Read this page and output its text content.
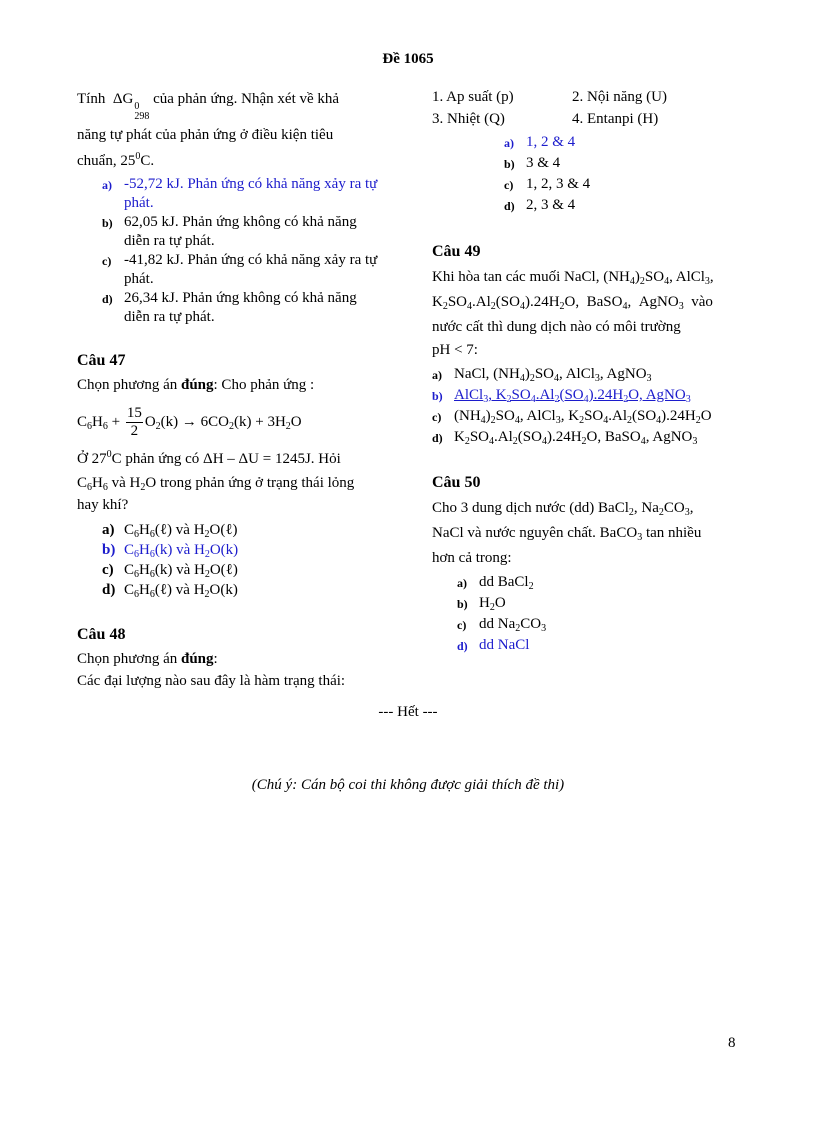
Đề 1065

Tính ΔG 0
298
của phản ứng. Nhận xét về khả

năng tự phát của phản ứng ở điều kiện tiêu

chuẩn, $25^0C$.

a) -52,72 kJ. Phản ứng có khả năng xảy ra tự phát.
b) 62,05 kJ. Phản ứng không có khả năng diễn ra tự phát.
c) -41,82 kJ. Phản ứng có khả năng xảy ra tự phát.
d) 26,34 kJ. Phản ứng không có khả năng diễn ra tự phát.

Câu 47

Chọn phương án đúng: Cho phản ứng :

$C_6H_6 + \frac{15}{2} O_2(k) \to 6CO_2(k) + 3H_2O$

Ở $27^0C$ phản ứng có ΔH – ΔU = 1245J. Hỏi

$C_6H_6$ và $H_2O$ trong phản ứng ở trạng thái lỏng

hay khí?

a) $C_6H_6(\ell)$ và $H_2O(\ell)$
b) $C_6H_6(k)$ và $H_2O(k)$
c) $C_6H_6(k)$ và $H_2O(\ell)$
d) $C_6H_6(\ell)$ và $H_2O(k)$

Câu 48

Chọn phương án đúng:

Các đại lượng nào sau đây là hàm trạng thái:

1. Ap suất (p)	2. Nội năng (U)
3. Nhiệt (Q)	4. Entanpi (H)
a) 1, 2 & 4
b) 3 & 4
c) 1, 2, 3 & 4
d) 2, 3 & 4

Câu 49

Khi hòa tan các muối NaCl, $(NH_4)_2SO_4$, AlCl$_3$,

$K_2SO_4.Al_2(SO_4).24H_2O$,  BaSO$_4$,  AgNO$_3$  vào

nước cất thì dung dịch nào có môi trường

pH < 7:

a) NaCl, $(NH_4)_2SO_4$, AlCl$_3$, AgNO$_3$
b) AlCl$_3$, $K_2SO_4.Al_2(SO_4).24H_2O$, AgNO$_3$
c) $(NH_4)_2SO_4$, AlCl$_3$, $K_2SO_4.Al_2(SO_4).24H_2O$
d) $K_2SO_4.Al_2(SO_4).24H_2O$, BaSO$_4$, AgNO$_3$

Câu 50

Cho 3 dung dịch nước (dd) BaCl$_2$, $Na_2CO_3$,

NaCl và nước nguyên chất. BaCO$_3$ tan nhiều

hơn cả trong:

a) dd BaCl$_2$
b) $H_2O$
c) dd $Na_2CO_3$
d) dd NaCl
--- Hết ---
(Chú ý: Cán bộ coi thi không được giải thích đề thi)
8
